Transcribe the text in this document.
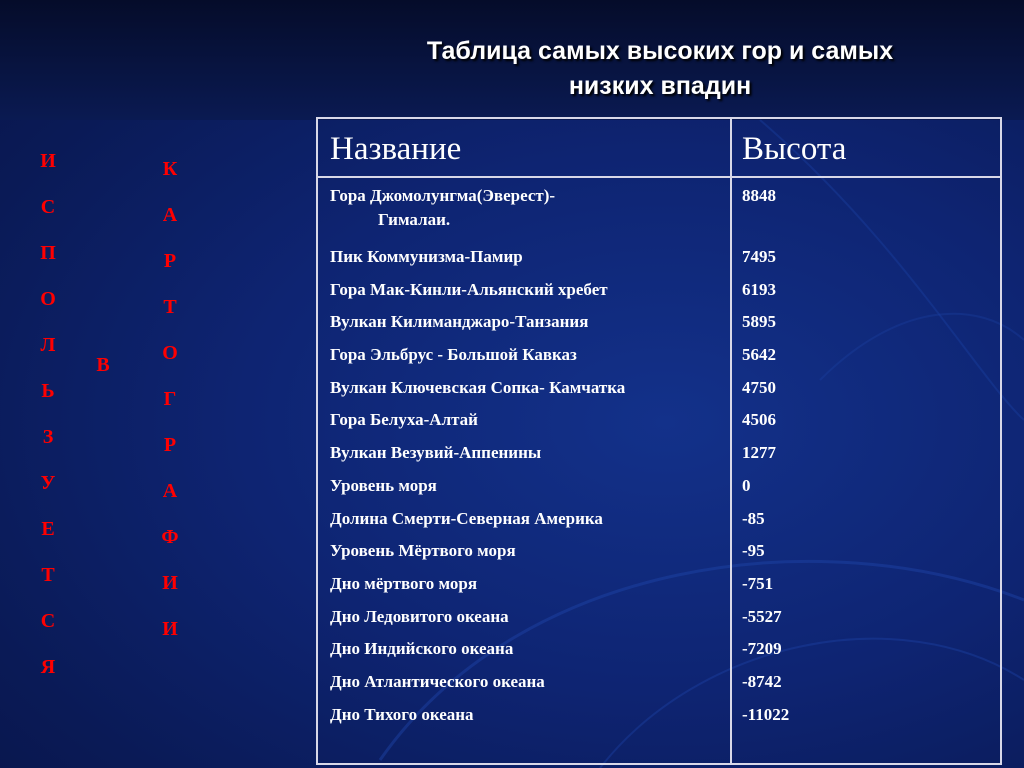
Таблица самых высоких гор и самых
низких впадин
И
С
П
О
Л
Ь
З
У
Е
Т
С
Я
В
К
А
Р
Т
О
Г
Р
А
Ф
И
И
Название	Высота
Гора Джомолунгма(Эверест)-
Гималаи.
Пик Коммунизма-Памир
Гора Мак-Кинли-Альянский хребет
Вулкан Килиманджаро-Танзания
Гора Эльбрус - Большой Кавказ
Вулкан Ключевская Сопка- Камчатка
Гора Белуха-Алтай
Вулкан Везувий-Аппенины
Уровень моря
Долина Смерти-Северная Америка
Уровень Мёртвого моря
Дно мёртвого моря
Дно Ледовитого океана
Дно Индийского океана
Дно Атлантического океана
Дно Тихого океана
8848
7495
6193
5895
5642
4750
4506
1277
0
-85
-95
-751
-5527
-7209
-8742
-11022
